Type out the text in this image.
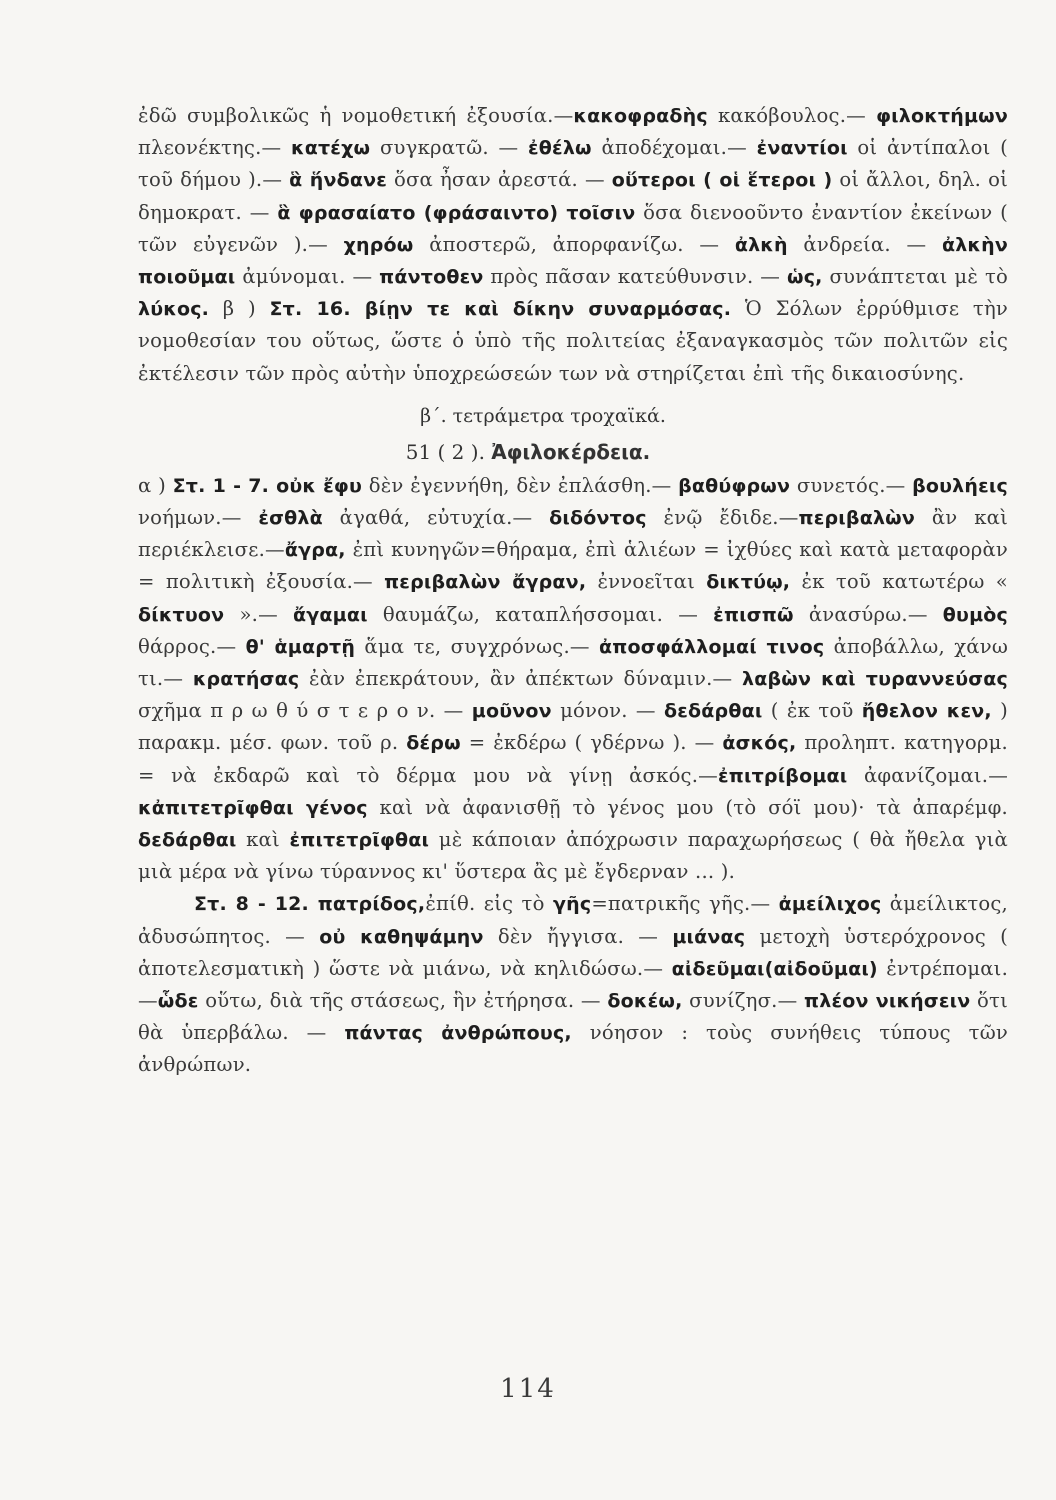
ἐδῶ συμβολικῶς ἡ νομοθετική ἐξουσία.—κακοφραδὴς κακόβουλος.— φιλοκτήμων πλεονέκτης.— κατέχω συγκρατῶ. — ἐθέλω ἀποδέχομαι.— ἐναντίοι οἱ ἀντίπαλοι ( τοῦ δήμου ).— ἃ ἥνδανε ὅσα ἦσαν ἀρεστά. — οὕτεροι ( οἱ ἕτεροι ) οἱ ἄλλοι, δηλ. οἱ δημοκρατ. — ἃ φρασαίατο (φράσαιντο) τοῖσιν ὅσα διενοοῦντο ἐναντίον ἐκείνων ( τῶν εὐγενῶν ).— χηρόω ἀποστερῶ, ἀπορφανίζω. — ἀλκὴ ἀνδρεία. — ἀλκὴν ποιοῦμαι ἀμύνομαι. — πάντοθεν πρὸς πᾶσαν κατεύθυνσιν. — ὡς, συνάπτεται μὲ τὸ λύκος. β ) Στ. 16. βίῃν τε καὶ δίκην συναρμόσας. Ὁ Σόλων ἐρρύθμισε τὴν νομοθεσίαν του οὕτως, ὥστε ὁ ὑπὸ τῆς πολιτείας ἐξαναγκασμὸς τῶν πολιτῶν εἰς ἐκτέλεσιν τῶν πρὸς αὐτὴν ὑποχρεώσεών των νὰ στηρίζεται ἐπὶ τῆς δικαιοσύνης.

β΄. τετράμετρα τροχαϊκά.

51 ( 2 ). Ἀφιλοκέρδεια.

α ) Στ. 1 - 7. οὐκ ἔφυ δὲν ἐγεννήθη, δὲν ἐπλάσθη.— βαθύφρων συνετός.— βουλήεις νοήμων.— ἐσθλὰ ἀγαθά, εὐτυχία.— διδόντος ἐνῷ ἔδιδε.—περιβαλὼν ἂν καὶ περιέκλεισε.—ἄγρα, ἐπὶ κυνηγῶν=θήραμα, ἐπὶ ἁλιέων = ἰχθύες καὶ κατὰ μεταφορὰν = πολιτικὴ ἐξουσία.— περιβαλὼν ἄγραν, ἐννοεῖται δικτύῳ, ἐκ τοῦ κατωτέρω « δίκτυον ».— ἄγαμαι θαυμάζω, καταπλήσσομαι. — ἐπισπῶ ἀνασύρω.— θυμὸς θάρρος.— θ' ἁμαρτῇ ἅμα τε, συγχρόνως.— ἀποσφάλλομαί τινος ἀποβάλλω, χάνω τι.— κρατήσας ἐὰν ἐπεκράτουν, ἂν ἀπέκτων δύναμιν.— λαβὼν καὶ τυραννεύσας σχῆμα π ρ ω θ ύ σ τ ε ρ ο ν. — μοῦνον μόνον. — δεδάρθαι ( ἐκ τοῦ ἤθελον κεν, ) παρακμ. μέσ. φων. τοῦ ρ. δέρω = ἐκδέρω ( γδέρνω ). — ἀσκός, προληπτ. κατηγορμ. = νὰ ἐκδαρῶ καὶ τὸ δέρμα μου νὰ γίνῃ ἀσκός.—ἐπιτρίβομαι ἀφανίζομαι.—κἀπιτετρῖφθαι γένος καὶ νὰ ἀφανισθῇ τὸ γένος μου (τὸ σόϊ μου)· τὰ ἀπαρέμφ. δεδάρθαι καὶ ἐπιτετρῖφθαι μὲ κάποιαν ἀπόχρωσιν παραχωρήσεως ( θὰ ἤθελα γιὰ μιὰ μέρα νὰ γίνω τύραννος κι' ὕστερα ἂς μὲ ἔγδερναν ... ).

Στ. 8 - 12. πατρίδος,ἐπίθ. εἰς τὸ γῆς=πατρικῆς γῆς.— ἀμείλιχος ἀμείλικτος, ἀδυσώπητος. — οὐ καθηψάμην δὲν ἤγγισα. — μιάνας μετοχὴ ὑστερόχρονος ( ἀποτελεσματικὴ ) ὥστε νὰ μιάνω, νὰ κηλιδώσω.— αἰδεῦμαι(αἰδοῦμαι) ἐντρέπομαι.—ὧδε οὕτω, διὰ τῆς στάσεως, ἣν ἐτήρησα. — δοκέω, συνίζησ.— πλέον νικήσειν ὅτι θὰ ὑπερβάλω. — πάντας ἀνθρώπους, νόησον : τοὺς συνήθεις τύπους τῶν ἀνθρώπων.

114
